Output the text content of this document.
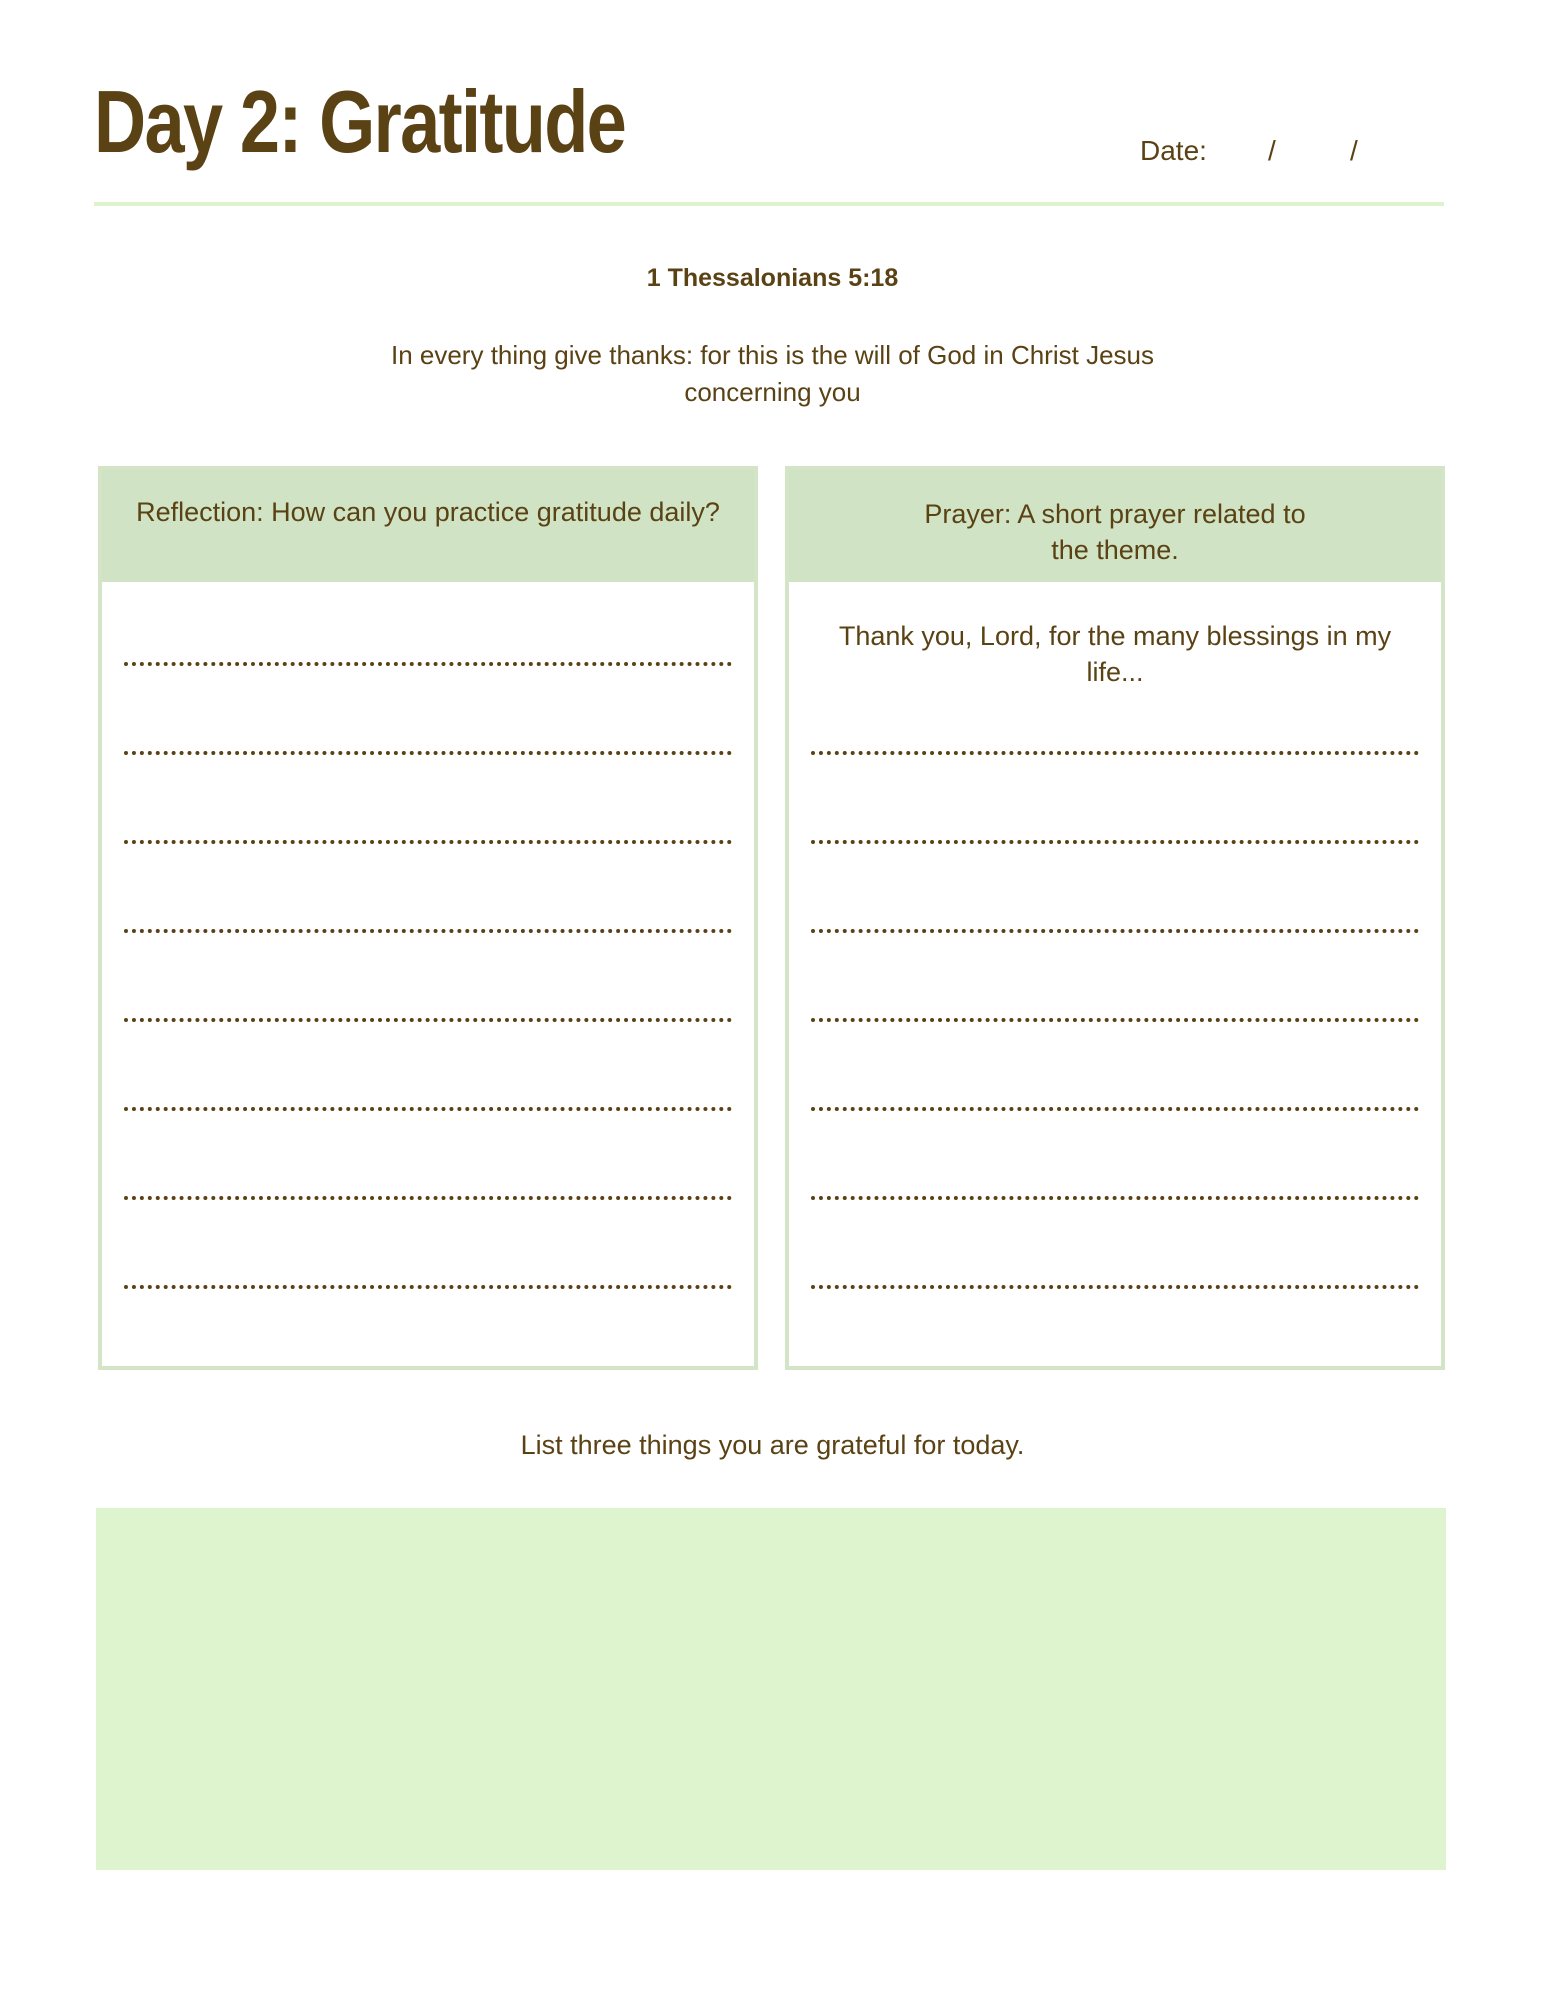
Day 2: Gratitude	Date: /	/
1 Thessalonians 5:18
In every thing give thanks: for this is the will of God in Christ Jesus
concerning you
Reflection: How can you practice gratitude daily?	Prayer: A short prayer related to
the theme.
Thank you, Lord, for the many blessings in my
life...
List three things you are grateful for today.
